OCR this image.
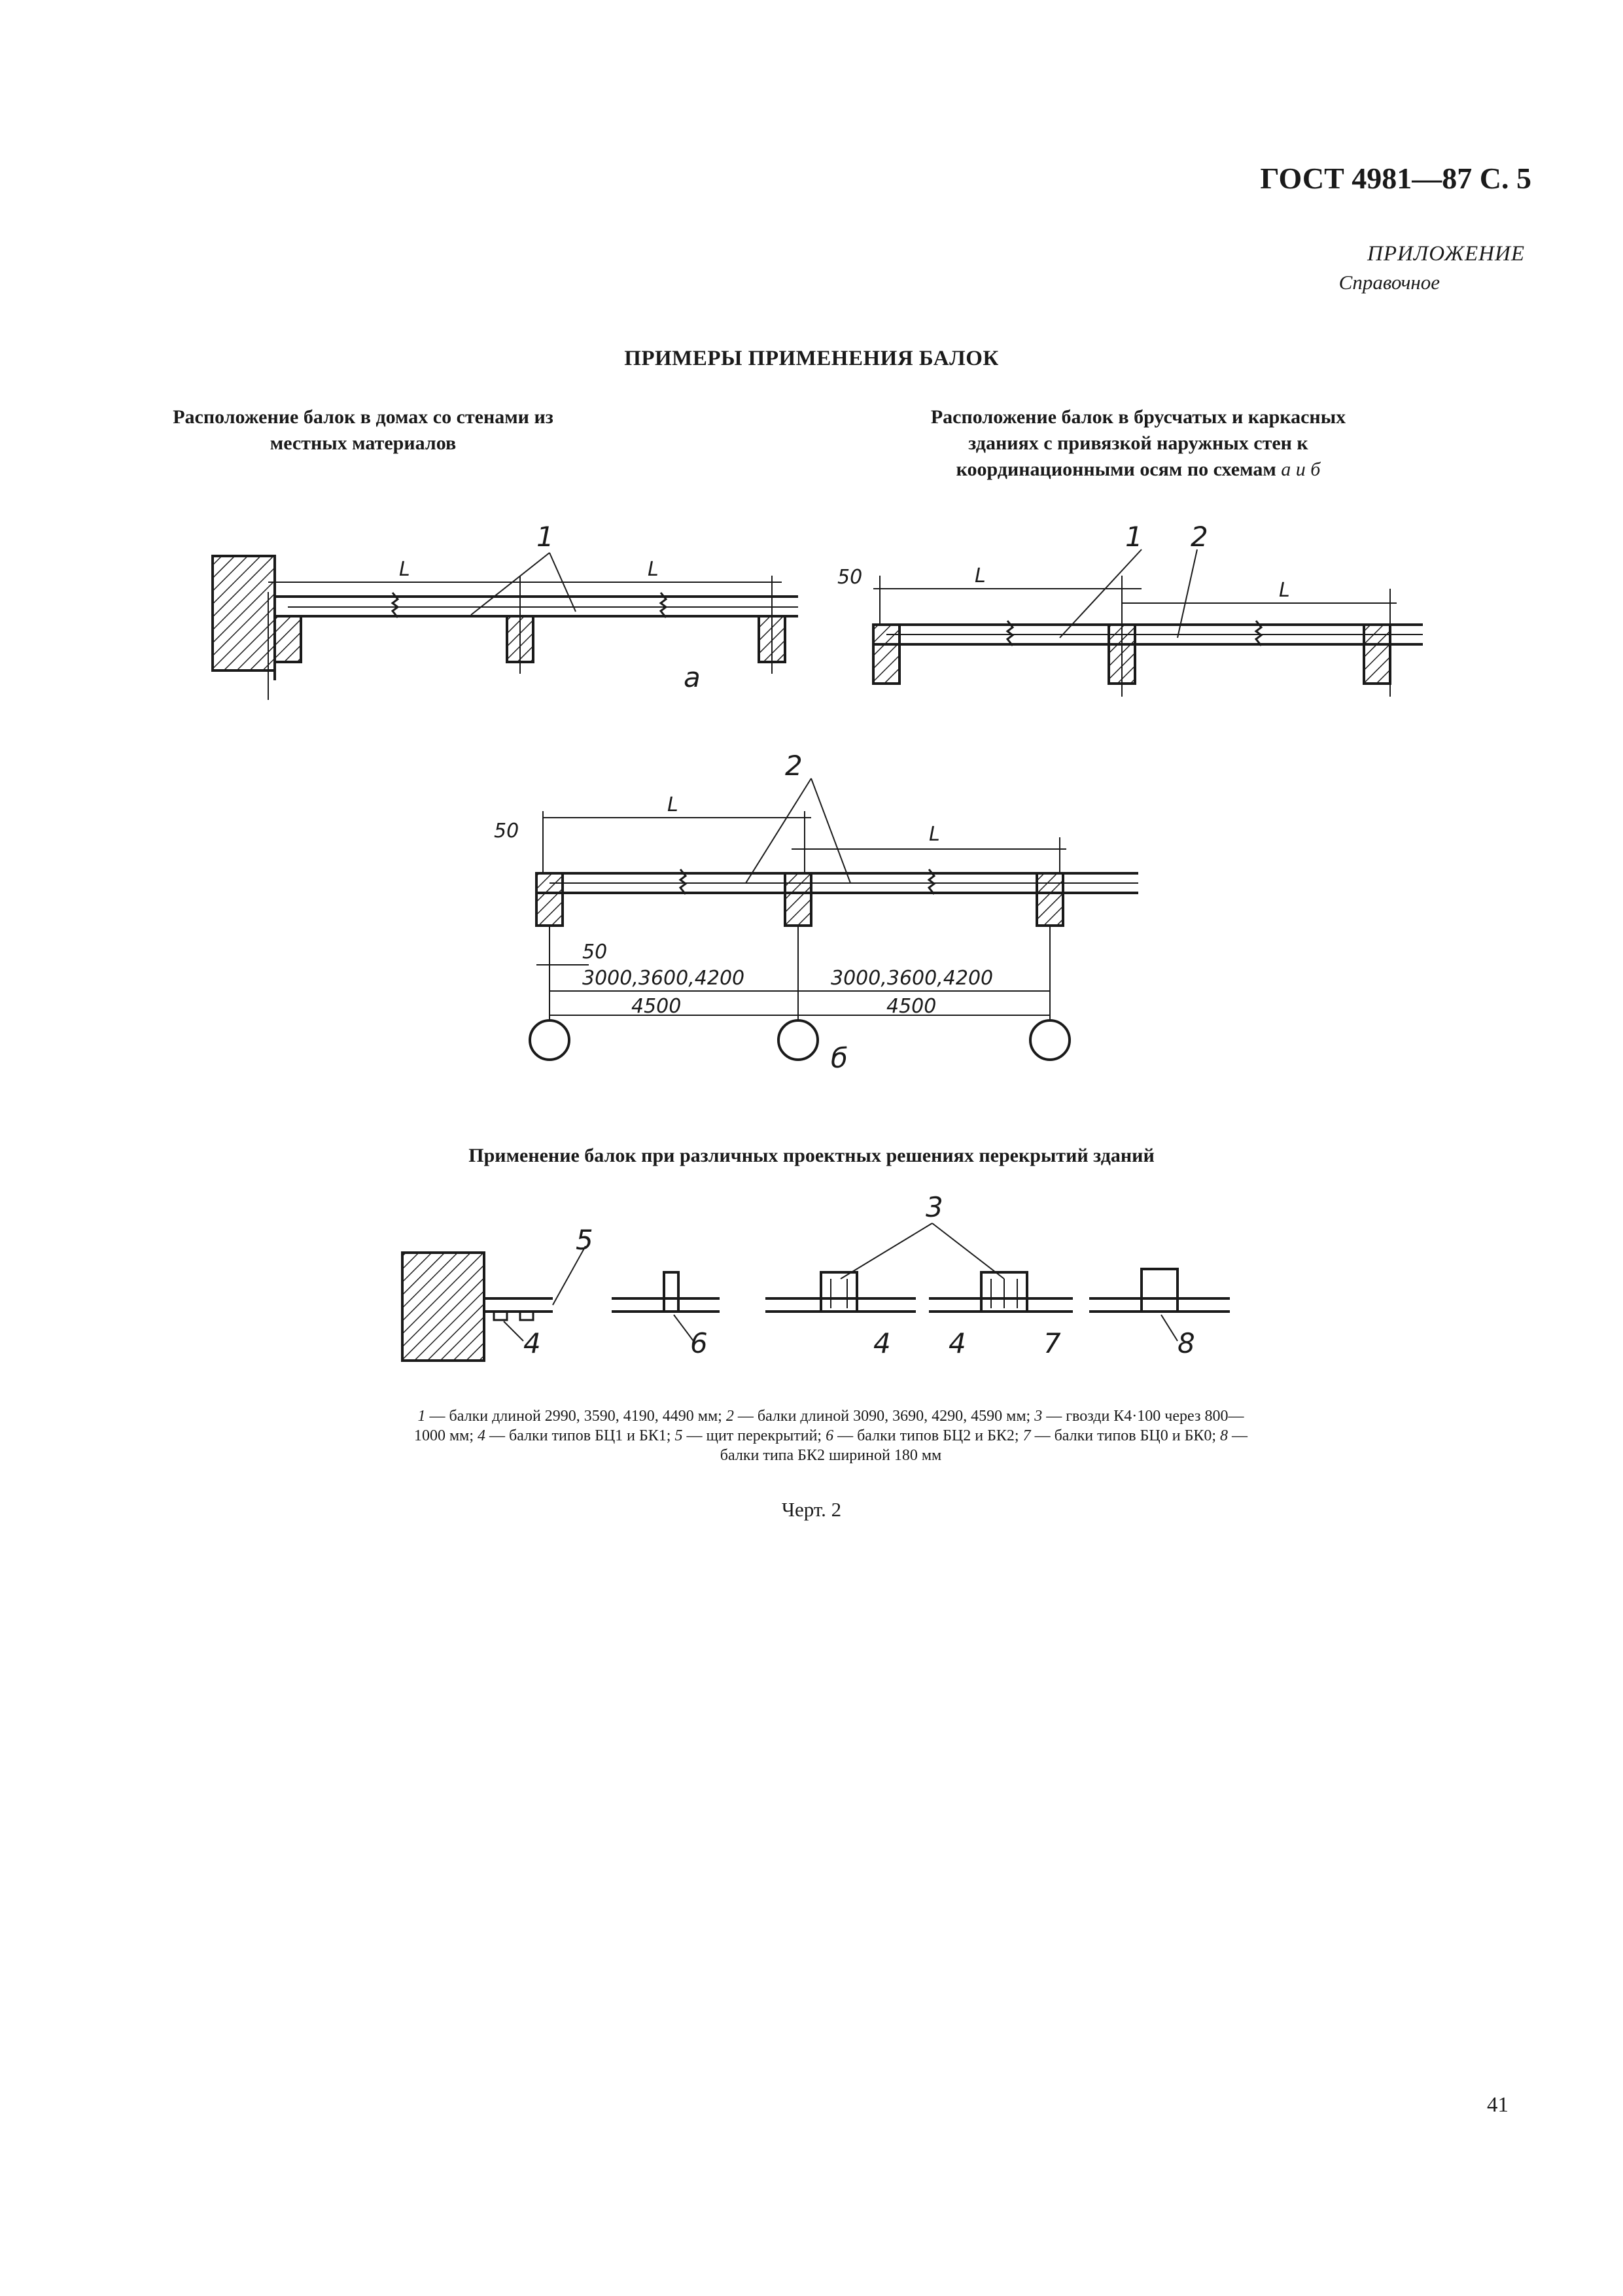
ГОСТ 4981—87 С. 5
ПРИЛОЖЕНИЕ
Справочное
ПРИМЕРЫ ПРИМЕНЕНИЯ БАЛОК
Расположение балок в домах со стенами из
местных материалов
Расположение балок в брусчатых и каркасных
зданиях с привязкой наружных стен к
координационными осям по схемам а и б
Применение балок при различных проектных решениях перекрытий зданий
1 — балки длиной 2990, 3590, 4190, 4490 мм; 2 — балки длиной 3090, 3690, 4290, 4590 мм; 3 — гвозди К4·100 через 800—1000 мм; 4 — балки типов БЦ1 и БК1; 5 — щит перекрытий; 6 — балки типов БЦ2 и БК2; 7 — балки типов БЦ0 и БК0; 8 — балки типа БК2 шириной 180 мм
Черт. 2
41
L	L
1
а
50	L
L
1 2
50
L
L
2
50
3000,3600,4200	3000,3600,4200
4500	4500
б
5
4	6
3
4 4	7	8
